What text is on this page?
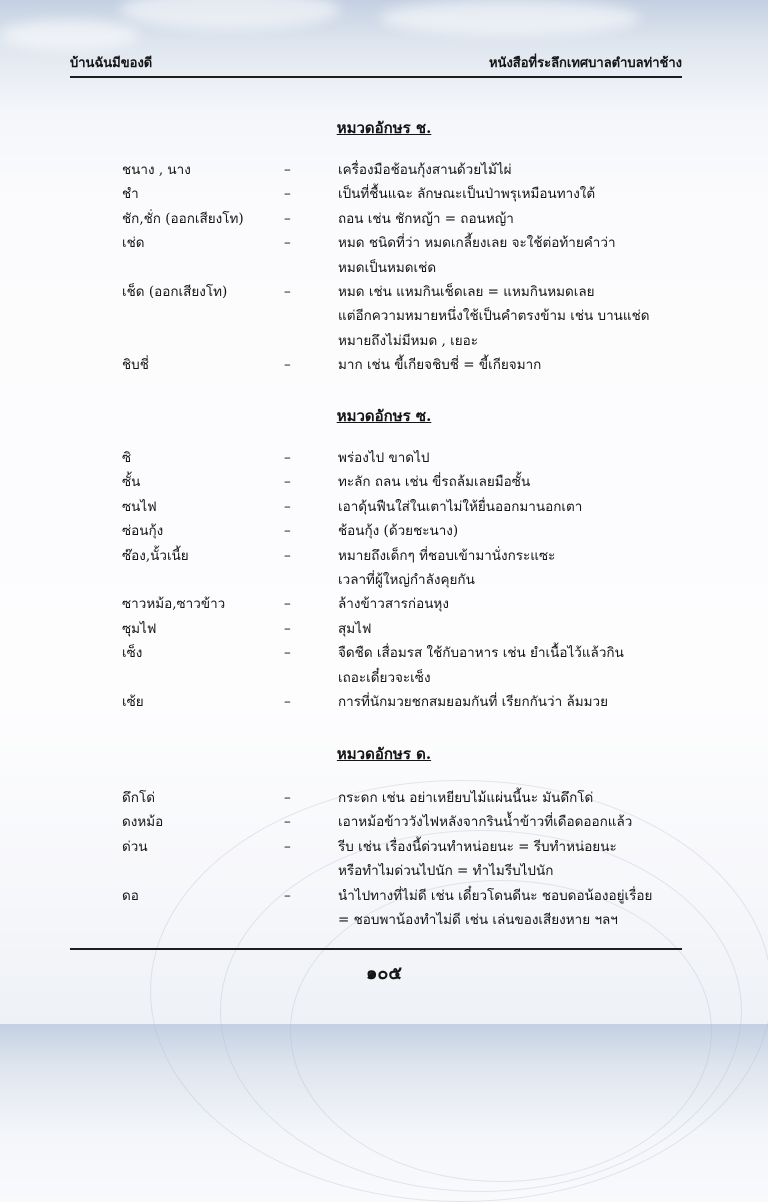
บ้านฉันมีของดี	หนังสือที่ระลึกเทศบาลตำบลท่าช้าง
หมวดอักษร ช.
ชนาง , นาง	–	เครื่องมือช้อนกุ้งสานด้วยไม้ไผ่
ชำ	–	เป็นที่ชื้นแฉะ ลักษณะเป็นป่าพรุเหมือนทางใต้
ชัก,ชั่ก (ออกเสียงโท)	–	ถอน เช่น ชักหญ้า = ถอนหญ้า
เช่ด	–	หมด ชนิดที่ว่า หมดเกลี้ยงเลย จะใช้ต่อท้ายคำว่า
หมดเป็นหมดเช่ด
เช็ด (ออกเสียงโท)	–	หมด เช่น แหมกินเช็ดเลย = แหมกินหมดเลย
แต่อีกความหมายหนึ่งใช้เป็นคำตรงข้าม เช่น บานแช่ด
หมายถึงไม่มีหมด , เยอะ
ชิบชี่	–	มาก เช่น ขี้เกียจชิบชี่ = ขี้เกียจมาก
หมวดอักษร ซ.
ซิ	–	พร่องไป ขาดไป
ซั้น	–	ทะลัก ถลน เช่น ขี่รถล้มเลยมือซั้น
ซนไฟ	–	เอาดุ้นฟืนใส่ในเตาไม่ให้ยื่นออกมานอกเตา
ซ่อนกุ้ง	–	ช้อนกุ้ง (ด้วยชะนาง)
ซ๊อง,นั้วเนี้ย	–	หมายถึงเด็กๆ ที่ชอบเข้ามานั่งกระแซะ
เวลาที่ผู้ใหญ่กำลังคุยกัน
ซาวหม้อ,ซาวข้าว	–	ล้างข้าวสารก่อนหุง
ซุมไฟ	–	สุมไฟ
เซ็ง	–	จืดชืด เสื่อมรส ใช้กับอาหาร เช่น ยำเนื้อไว้แล้วกิน
เถอะเดี๋ยวจะเซ็ง
เซ้ย	–	การที่นักมวยชกสมยอมกันที่ เรียกกันว่า ล้มมวย
หมวดอักษร ด.
ดึกโด่	–	กระดก เช่น อย่าเหยียบไม้แผ่นนี้นะ มันดึกโด่
ดงหม้อ	–	เอาหม้อข้าววังไฟหลังจากรินน้ำข้าวที่เดือดออกแล้ว
ด่วน	–	รีบ เช่น เรื่องนี้ด่วนทำหน่อยนะ = รีบทำหน่อยนะ
หรือทำไมด่วนไปนัก = ทำไมรีบไปนัก
ดอ	–	นำไปทางที่ไม่ดี เช่น เดี๋ยวโดนดีนะ ชอบดอน้องอยู่เรื่อย
= ชอบพาน้องทำไม่ดี เช่น เล่นของเสียงหาย ฯลฯ
๑๐๕
